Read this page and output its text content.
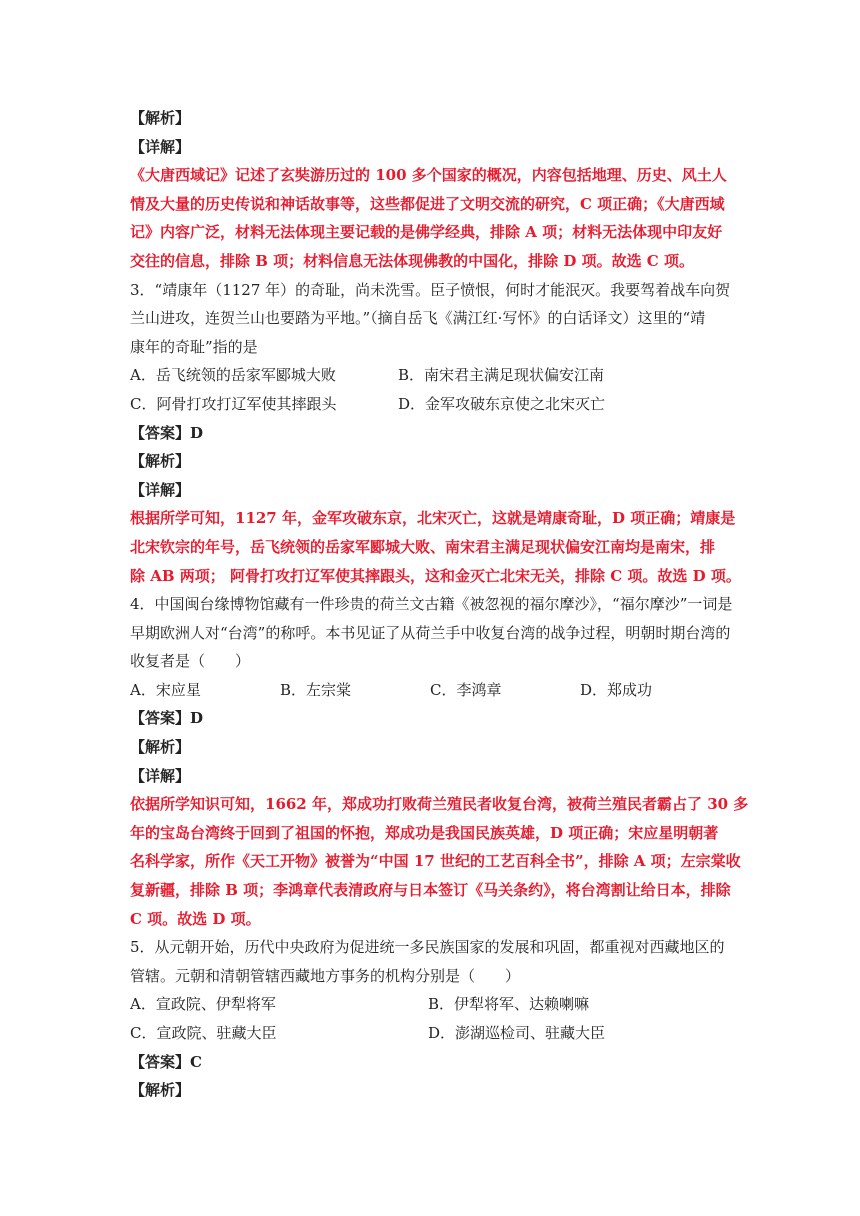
【解析】
【详解】
《大唐西域记》记述了玄奘游历过的 100 多个国家的概况，内容包括地理、历史、风土人
情及大量的历史传说和神话故事等，这些都促进了文明交流的研究，C 项正确；《大唐西域
记》内容广泛，材料无法体现主要记载的是佛学经典，排除 A 项；材料无法体现中印友好
交往的信息，排除 B 项；材料信息无法体现佛教的中国化，排除 D 项。故选 C 项。
3．“靖康年（1127 年）的奇耻，尚未洗雪。臣子愤恨，何时才能泯灭。我要驾着战车向贺
兰山进攻，连贺兰山也要踏为平地。”（摘自岳飞《满江红·写怀》的白话译文）这里的“靖
康年的奇耻”指的是
A．岳飞统领的岳家军郾城大败	B．南宋君主满足现状偏安江南
C．阿骨打攻打辽军使其摔跟头	D．金军攻破东京使之北宋灭亡
【答案】D
【解析】
【详解】
根据所学可知，1127 年，金军攻破东京，北宋灭亡，这就是靖康奇耻，D 项正确；靖康是
北宋钦宗的年号，岳飞统领的岳家军郾城大败、南宋君主满足现状偏安江南均是南宋，排
除 AB 两项； 阿骨打攻打辽军使其摔跟头，这和金灭亡北宋无关，排除 C 项。故选 D 项。
4．中国闽台缘博物馆藏有一件珍贵的荷兰文古籍《被忽视的福尔摩沙》，“福尔摩沙”一词是
早期欧洲人对“台湾”的称呼。本书见证了从荷兰手中收复台湾的战争过程，明朝时期台湾的
收复者是（　　）
A．宋应星	B．左宗棠	C．李鸿章	D．郑成功
【答案】D
【解析】
【详解】
依据所学知识可知，1662 年，郑成功打败荷兰殖民者收复台湾，被荷兰殖民者霸占了 30 多
年的宝岛台湾终于回到了祖国的怀抱，郑成功是我国民族英雄，D 项正确；宋应星明朝著
名科学家，所作《天工开物》被誉为“中国 17 世纪的工艺百科全书”，排除 A 项；左宗棠收
复新疆，排除 B 项；李鸿章代表清政府与日本签订《马关条约》，将台湾割让给日本，排除
C 项。故选 D 项。
5．从元朝开始，历代中央政府为促进统一多民族国家的发展和巩固，都重视对西藏地区的
管辖。元朝和清朝管辖西藏地方事务的机构分别是（　　）
A．宣政院、伊犁将军	B．伊犁将军、达赖喇嘛
C．宣政院、驻藏大臣	D．澎湖巡检司、驻藏大臣
【答案】C
【解析】
